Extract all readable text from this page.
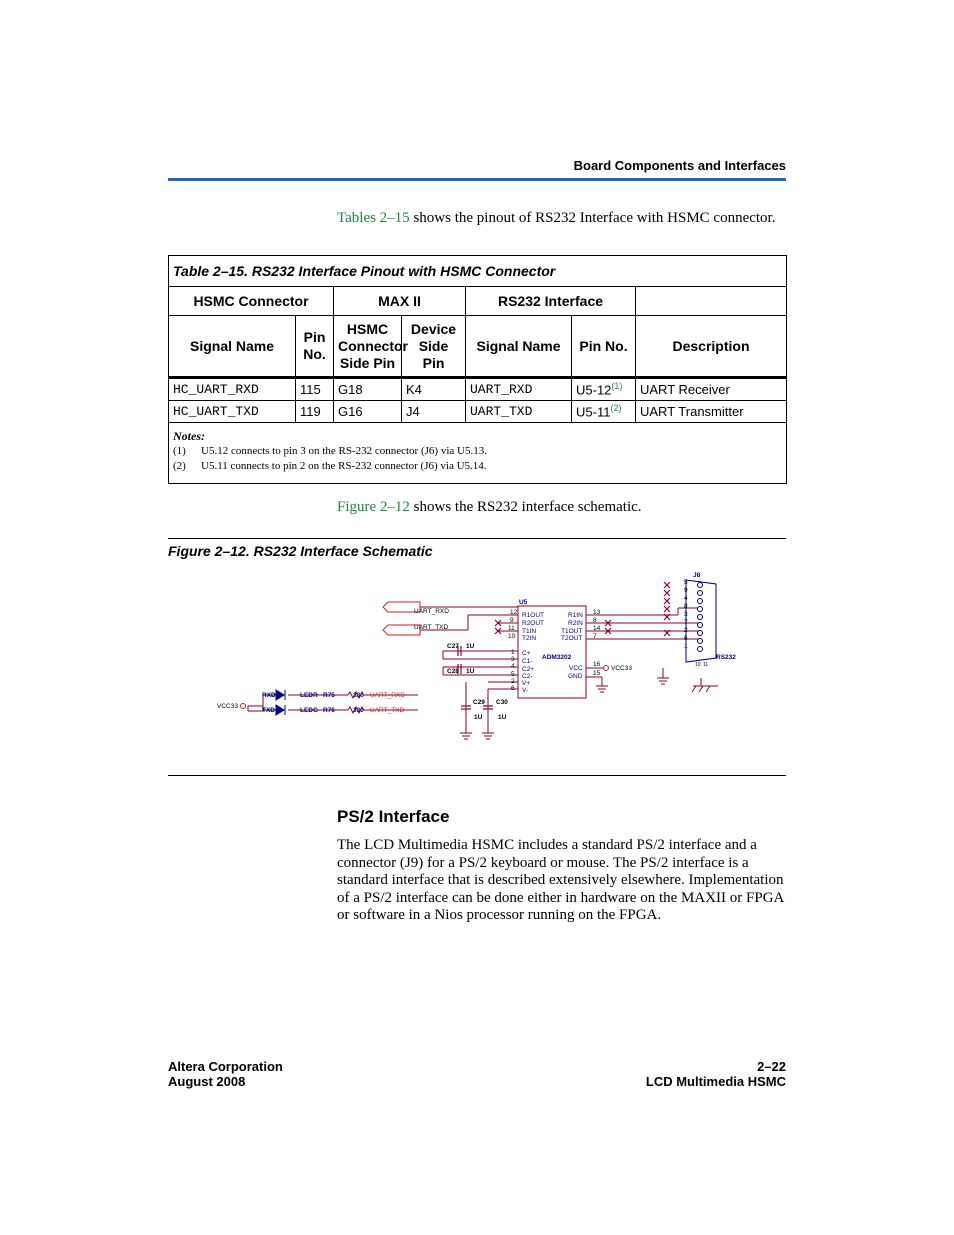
Board Components and Interfaces
Tables 2–15 shows the pinout of RS232 Interface with HSMC connector.
Table 2–15. RS232 Interface Pinout with HSMC Connector						
HSMC Connector		MAX II		RS232 Interface		
Signal Name	Pin No.	HSMC Connector Side Pin	Device Side Pin	Signal Name	Pin No.	Description
HC_UART_RXD	115	G18	K4	UART_RXD	U5-12$^{(1)}$	UART Receiver
HC_UART_TXD	119	G16	J4	UART_TXD	U5-11$^{(2)}$	UART Transmitter

Notes:
(1) U5.12 connects to pin 3 on the RS-232 connector (J6) via U5.13.
(2) U5.11 connects to pin 2 on the RS-232 connector (J6) via U5.14.						
Figure 2–12 shows the RS232 interface schematic.
Figure 2–12. RS232 Interface Schematic
UART_RXD
UART_TXD
U5
ADM3202
R1OUT
R2OUT
T1IN
T2IN
C+
C1-
C2+
C2-
V+
V-
12
9
11
10
1
3
4
5
2
6
R1IN
R2IN
T1OUT
T2OUT
VCC
GND
13
8
14
7
16
15
VCC33
VCC33
C27 1U
C28 1U
C29 C30
1U 1U
J8
RS232
5
9
4
8
3
7
2
6
1
10 11
RXD
TXD
LEDR
LEDG
R75
R76
330
330
UART_RXD
UART_TXD
PS/2 Interface
The LCD Multimedia HSMC includes a standard PS/2 interface and a connector (J9) for a PS/2 keyboard or mouse. The PS/2 interface is a standard interface that is described extensively elsewhere. Implementation of a PS/2 interface can be done either in hardware on the MAXII or FPGA or software in a Nios processor running on the FPGA.
Altera Corporation
August 2008
2–22
LCD Multimedia HSMC
